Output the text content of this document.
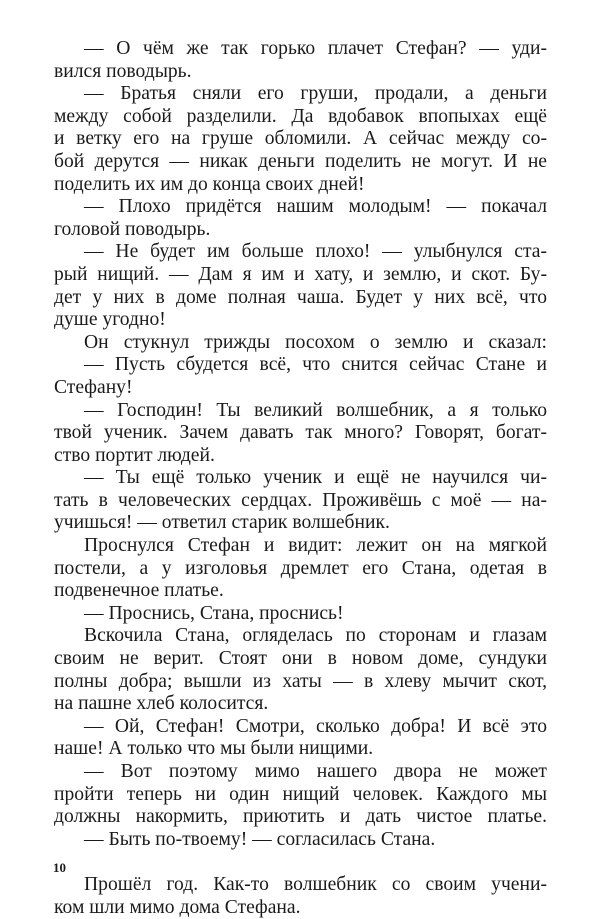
— О чём же так горько плачет Стефан? — уди-
вился поводырь.
— Братья сняли его груши, продали, а деньги
между собой разделили. Да вдобавок впопыхах ещё
и ветку его на груше обломили. А сейчас между со-
бой дерутся — никак деньги поделить не могут. И не
поделить их им до конца своих дней!
— Плохо придётся нашим молодым! — покачал
головой поводырь.
— Не будет им больше плохо! — улыбнулся ста-
рый нищий. — Дам я им и хату, и землю, и скот. Бу-
дет у них в доме полная чаша. Будет у них всё, что
душе угодно!
Он стукнул трижды посохом о землю и сказал:
— Пусть сбудется всё, что снится сейчас Стане и
Стефану!
— Господин! Ты великий волшебник, а я только
твой ученик. Зачем давать так много? Говорят, богат-
ство портит людей.
— Ты ещё только ученик и ещё не научился чи-
тать в человеческих сердцах. Проживёшь с моё — на-
учишься! — ответил старик волшебник.
Проснулся Стефан и видит: лежит он на мягкой
постели, а у изголовья дремлет его Стана, одетая в
подвенечное платье.
— Проснись, Стана, проснись!
Вскочила Стана, огляделась по сторонам и глазам
своим не верит. Стоят они в новом доме, сундуки
полны добра; вышли из хаты — в хлеву мычит скот,
на пашне хлеб колосится.
— Ой, Стефан! Смотри, сколько добра! И всё это
наше! А только что мы были нищими.
— Вот поэтому мимо нашего двора не может
пройти теперь ни один нищий человек. Каждого мы
должны накормить, приютить и дать чистое платье.
— Быть по-твоему! — согласилась Стана.
Прошёл год. Как-то волшебник со своим учени-
ком шли мимо дома Стефана.
10
